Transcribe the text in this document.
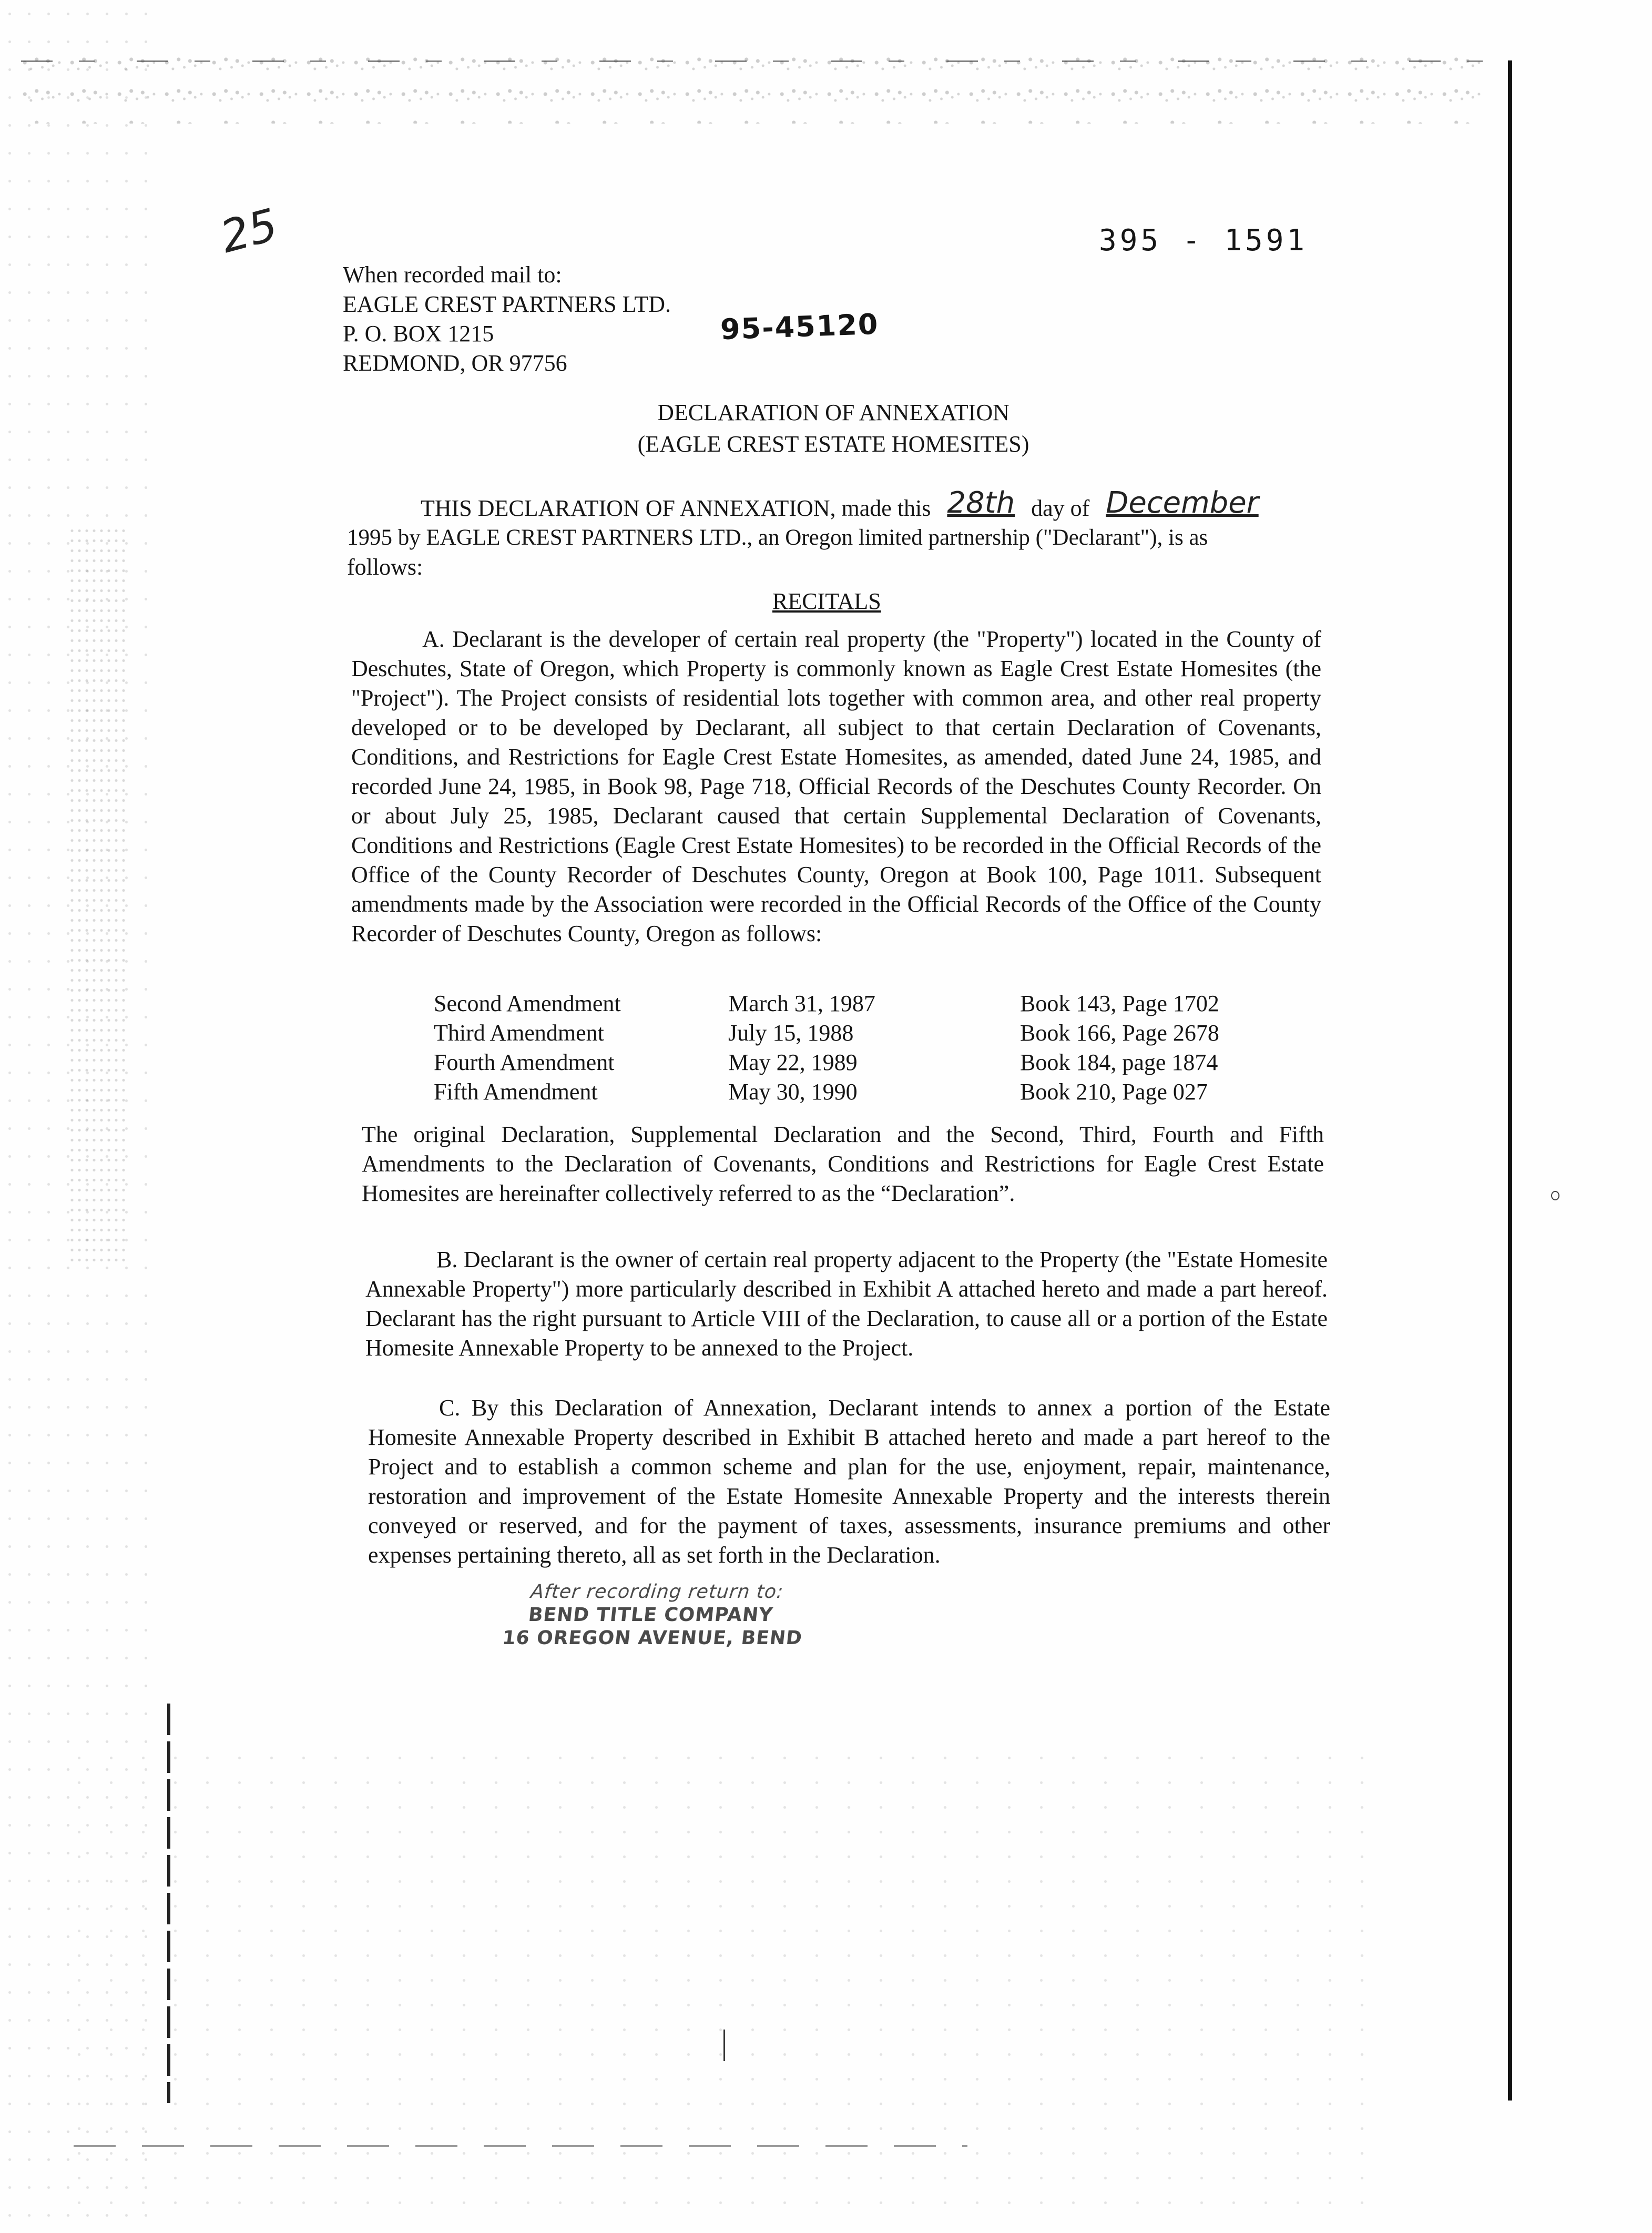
25	395 - 1591
When recorded mail to:
EAGLE CREST PARTNERS LTD.
P. O. BOX 1215
REDMOND, OR 97756
95-45120
DECLARATION OF ANNEXATION
(EAGLE CREST ESTATE HOMESITES)
THIS DECLARATION OF ANNEXATION, made this 28th day of December
1995 by EAGLE CREST PARTNERS LTD., an Oregon limited partnership ("Declarant"), is as
follows:
RECITALS
A. Declarant is the developer of certain real property (the "Property") located in the County of Deschutes, State of Oregon, which Property is commonly known as Eagle Crest Estate Homesites (the "Project"). The Project consists of residential lots together with common area, and other real property developed or to be developed by Declarant, all subject to that certain Declaration of Covenants, Conditions, and Restrictions for Eagle Crest Estate Homesites, as amended, dated June 24, 1985, and recorded June 24, 1985, in Book 98, Page 718, Official Records of the Deschutes County Recorder. On or about July 25, 1985, Declarant caused that certain Supplemental Declaration of Covenants, Conditions and Restrictions (Eagle Crest Estate Homesites) to be recorded in the Official Records of the Office of the County Recorder of Deschutes County, Oregon at Book 100, Page 1011. Subsequent amendments made by the Association were recorded in the Official Records of the Office of the County Recorder of Deschutes County, Oregon as follows:
Second Amendment	March 31, 1987	Book 143, Page 1702
Third Amendment	July 15, 1988	Book 166, Page 2678
Fourth Amendment	May 22, 1989	Book 184, page 1874
Fifth Amendment	May 30, 1990	Book 210, Page 027
The original Declaration, Supplemental Declaration and the Second, Third, Fourth and Fifth Amendments to the Declaration of Covenants, Conditions and Restrictions for Eagle Crest Estate Homesites are hereinafter collectively referred to as the “Declaration”.
B. Declarant is the owner of certain real property adjacent to the Property (the "Estate Homesite Annexable Property") more particularly described in Exhibit A attached hereto and made a part hereof. Declarant has the right pursuant to Article VIII of the Declaration, to cause all or a portion of the Estate Homesite Annexable Property to be annexed to the Project.
C. By this Declaration of Annexation, Declarant intends to annex a portion of the Estate Homesite Annexable Property described in Exhibit B attached hereto and made a part hereof to the Project and to establish a common scheme and plan for the use, enjoyment, repair, maintenance, restoration and improvement of the Estate Homesite Annexable Property and the interests therein conveyed or reserved, and for the payment of taxes, assessments, insurance premiums and other expenses pertaining thereto, all as set forth in the Declaration.
After recording return to:
BEND TITLE COMPANY
16 OREGON AVENUE, BEND
